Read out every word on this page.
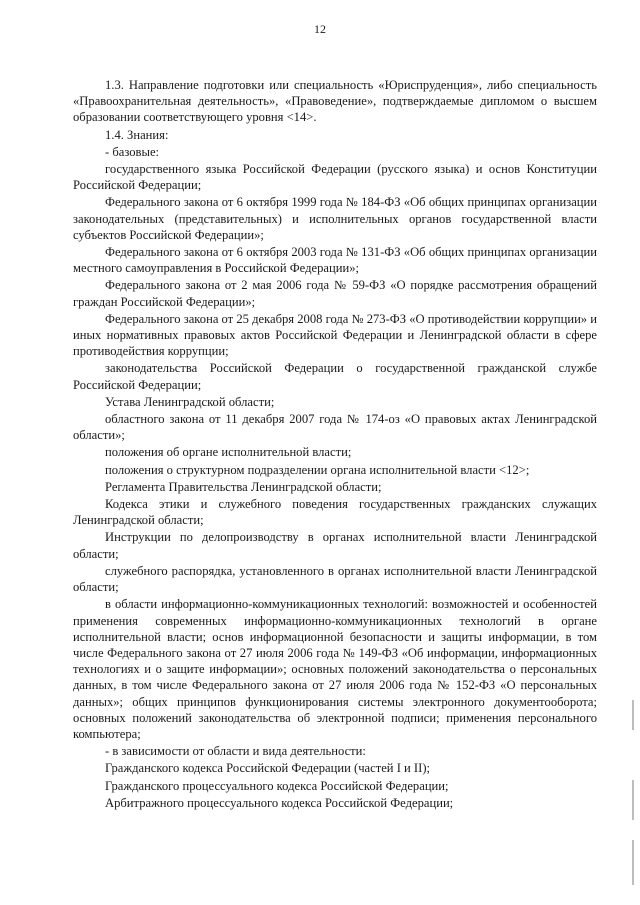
12

1.3. Направление подготовки или специальность «Юриспруденция», либо специальность «Правоохранительная деятельность», «Правоведение», подтверждаемые дипломом о высшем образовании соответствующего уровня <14>.

1.4. Знания:

- базовые:

государственного языка Российской Федерации (русского языка) и основ Конституции Российской Федерации;

Федерального закона от 6 октября 1999 года № 184-ФЗ «Об общих принципах организации законодательных (представительных) и исполнительных органов государственной власти субъектов Российской Федерации»;

Федерального закона от 6 октября 2003 года № 131-ФЗ «Об общих принципах организации местного самоуправления в Российской Федерации»;

Федерального закона от 2 мая 2006 года № 59-ФЗ «О порядке рассмотрения обращений граждан Российской Федерации»;

Федерального закона от 25 декабря 2008 года № 273-ФЗ «О противодействии коррупции» и иных нормативных правовых актов Российской Федерации и Ленинградской области в сфере противодействия коррупции;

законодательства Российской Федерации о государственной гражданской службе Российской Федерации;

Устава Ленинградской области;

областного закона от 11 декабря 2007 года № 174-оз «О правовых актах Ленинградской области»;

положения об органе исполнительной власти;

положения о структурном подразделении органа исполнительной власти <12>;

Регламента Правительства Ленинградской области;

Кодекса этики и служебного поведения государственных гражданских служащих Ленинградской области;

Инструкции по делопроизводству в органах исполнительной власти Ленинградской области;

служебного распорядка, установленного в органах исполнительной власти Ленинградской области;

в области информационно-коммуникационных технологий: возможностей и особенностей применения современных информационно-коммуникационных технологий в органе исполнительной власти; основ информационной безопасности и защиты информации, в том числе Федерального закона от 27 июля 2006 года № 149-ФЗ «Об информации, информационных технологиях и о защите информации»; основных положений законодательства о персональных данных, в том числе Федерального закона от 27 июля 2006 года № 152-ФЗ «О персональных данных»; общих принципов функционирования системы электронного документооборота; основных положений законодательства об электронной подписи; применения персонального компьютера;

- в зависимости от области и вида деятельности:

Гражданского кодекса Российской Федерации (частей I и II);

Гражданского процессуального кодекса Российской Федерации;

Арбитражного процессуального кодекса Российской Федерации;
